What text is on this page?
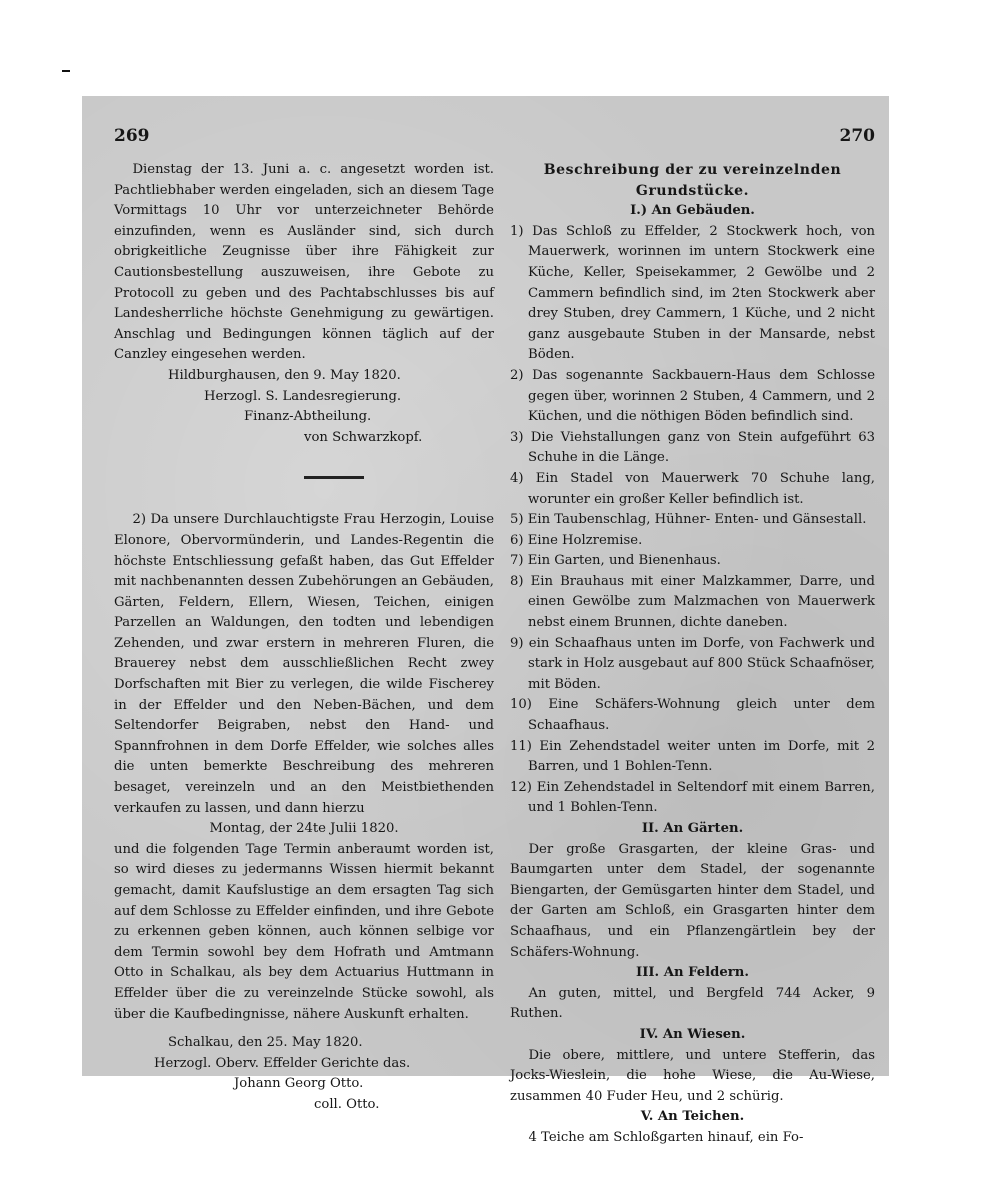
269	270

Dienstag der 13. Juni a. c. angesetzt worden ist. Pachtliebhaber werden eingeladen, sich an diesem Tage Vormittags 10 Uhr vor unterzeichneter Behörde einzufinden, wenn es Ausländer sind, sich durch obrigkeitliche Zeugnisse über ihre Fähigkeit zur Cautionsbestellung auszuweisen, ihre Gebote zu Protocoll zu geben und des Pachtabschlusses bis auf Landesherrliche höchste Genehmigung zu gewärtigen. Anschlag und Bedingungen können täglich auf der Canzley eingesehen werden.

Hildburghausen, den 9. May 1820.

Herzogl. S. Landesregierung.

Finanz-Abtheilung.

von Schwarzkopf.

2) Da unsere Durchlauchtigste Frau Herzogin, Louise Elonore, Obervormünderin, und Landes-Regentin die höchste Entschliessung gefaßt haben, das Gut Effelder mit nachbenannten dessen Zubehörungen an Gebäuden, Gärten, Feldern, Ellern, Wiesen, Teichen, einigen Parzellen an Waldungen, den todten und lebendigen Zehenden, und zwar erstern in mehreren Fluren, die Brauerey nebst dem ausschließlichen Recht zwey Dorfschaften mit Bier zu verlegen, die wilde Fischerey in der Effelder und den Neben-Bächen, und dem Seltendorfer Beigraben, nebst den Hand- und Spannfrohnen in dem Dorfe Effelder, wie solches alles die unten bemerkte Beschreibung des mehreren besaget, vereinzeln und an den Meistbiethenden verkaufen zu lassen, und dann hierzu

Montag, der 24te Julii 1820.

und die folgenden Tage Termin anberaumt worden ist, so wird dieses zu jedermanns Wissen hiermit bekannt gemacht, damit Kaufslustige an dem ersagten Tag sich auf dem Schlosse zu Effelder einfinden, und ihre Gebote zu erkennen geben können, auch können selbige vor dem Termin sowohl bey dem Hofrath und Amtmann Otto in Schalkau, als bey dem Actuarius Huttmann in Effelder über die zu vereinzelnde Stücke sowohl, als über die Kaufbedingnisse, nähere Auskunft erhalten.

Schalkau, den 25. May 1820.

Herzogl. Oberv. Effelder Gerichte das.

Johann Georg Otto.

coll. Otto.

Beschreibung der zu vereinzelnden

Grundstücke.

I.) An Gebäuden.

1) Das Schloß zu Effelder, 2 Stockwerk hoch, von Mauerwerk, worinnen im untern Stockwerk eine Küche, Keller, Speisekammer, 2 Gewölbe und 2 Cammern befindlich sind, im 2ten Stockwerk aber drey Stuben, drey Cammern, 1 Küche, und 2 nicht ganz ausgebaute Stuben in der Mansarde, nebst Böden.

2) Das sogenannte Sackbauern-Haus dem Schlosse gegen über, worinnen 2 Stuben, 4 Cammern, und 2 Küchen, und die nöthigen Böden befindlich sind.

3) Die Viehstallungen ganz von Stein aufgeführt 63 Schuhe in die Länge.

4) Ein Stadel von Mauerwerk 70 Schuhe lang, worunter ein großer Keller befindlich ist.

5) Ein Taubenschlag, Hühner- Enten- und Gänsestall.

6) Eine Holzremise.

7) Ein Garten, und Bienenhaus.

8) Ein Brauhaus mit einer Malzkammer, Darre, und einen Gewölbe zum Malzmachen von Mauerwerk nebst einem Brunnen, dichte daneben.

9) ein Schaafhaus unten im Dorfe, von Fachwerk und stark in Holz ausgebaut auf 800 Stück Schaafnöser, mit Böden.

10) Eine Schäfers-Wohnung gleich unter dem Schaafhaus.

11) Ein Zehendstadel weiter unten im Dorfe, mit 2 Barren, und 1 Bohlen-Tenn.

12) Ein Zehendstadel in Seltendorf mit einem Barren, und 1 Bohlen-Tenn.

II. An Gärten.

Der große Grasgarten, der kleine Gras- und Baumgarten unter dem Stadel, der sogenannte Biengarten, der Gemüsgarten hinter dem Stadel, und der Garten am Schloß, ein Grasgarten hinter dem Schaafhaus, und ein Pflanzengärtlein bey der Schäfers-Wohnung.

III. An Feldern.

An guten, mittel, und Bergfeld 744 Acker, 9 Ruthen.

IV. An Wiesen.

Die obere, mittlere, und untere Stefferin, das Jocks-Wieslein, die hohe Wiese, die Au-Wiese, zusammen 40 Fuder Heu, und 2 schürig.

V. An Teichen.

4 Teiche am Schloßgarten hinauf, ein Fo-
